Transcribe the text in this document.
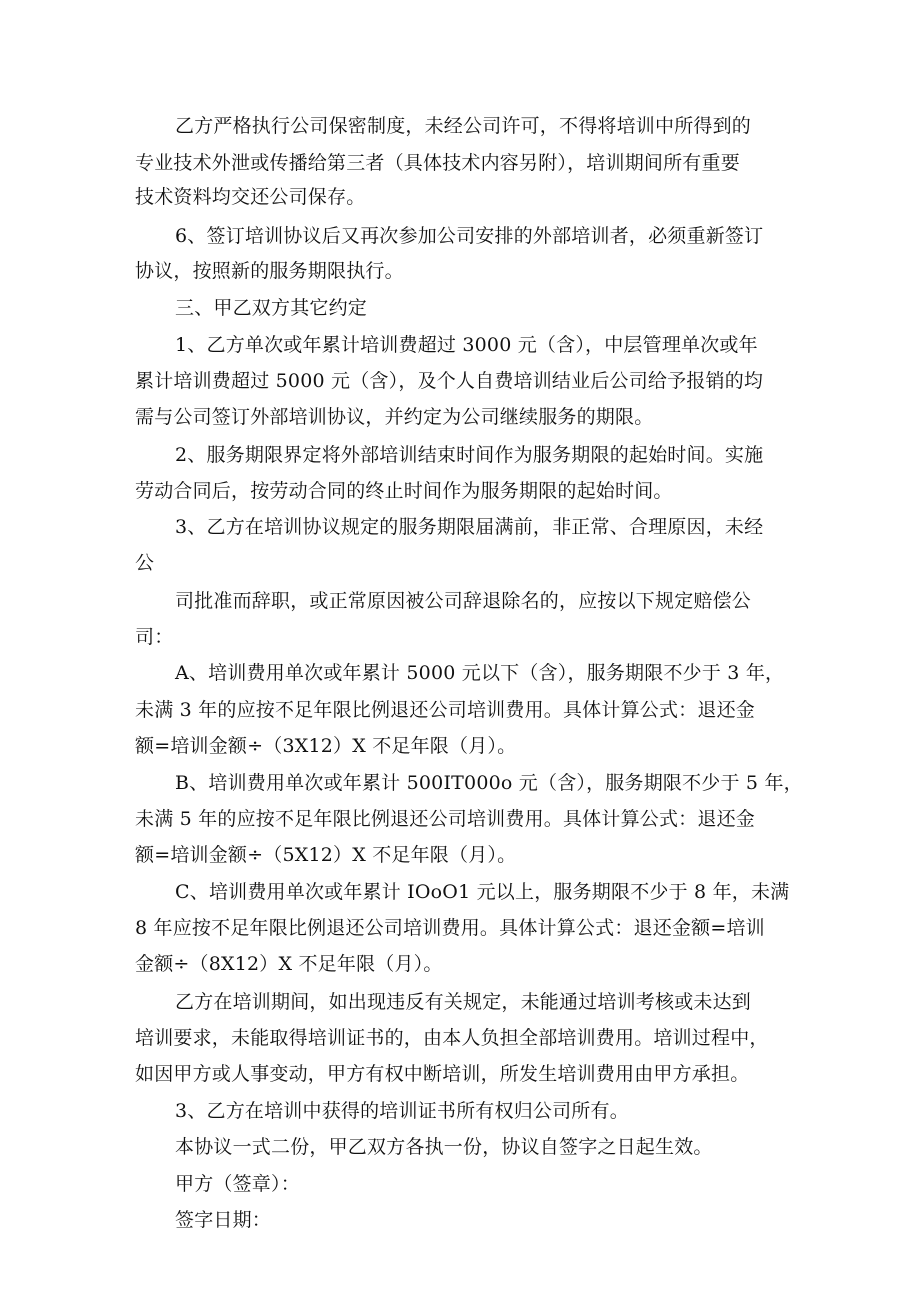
乙方严格执行公司保密制度，未经公司许可，不得将培训中所得到的
专业技术外泄或传播给第三者（具体技术内容另附），培训期间所有重要
技术资料均交还公司保存。
6、签订培训协议后又再次参加公司安排的外部培训者，必须重新签订
协议，按照新的服务期限执行。
三、甲乙双方其它约定
1、乙方单次或年累计培训费超过 3000 元（含），中层管理单次或年
累计培训费超过 5000 元（含），及个人自费培训结业后公司给予报销的均
需与公司签订外部培训协议，并约定为公司继续服务的期限。
2、服务期限界定将外部培训结束时间作为服务期限的起始时间。实施
劳动合同后，按劳动合同的终止时间作为服务期限的起始时间。
3、乙方在培训协议规定的服务期限届满前，非正常、合理原因，未经
公
司批准而辞职，或正常原因被公司辞退除名的，应按以下规定赔偿公
司：
A、培训费用单次或年累计 5000 元以下（含），服务期限不少于 3 年，
未满 3 年的应按不足年限比例退还公司培训费用。具体计算公式：退还金
额=培训金额÷（3X12）X 不足年限（月）。
B、培训费用单次或年累计 500IT000o 元（含），服务期限不少于 5 年，
未满 5 年的应按不足年限比例退还公司培训费用。具体计算公式：退还金
额=培训金额÷（5X12）X 不足年限（月）。
C、培训费用单次或年累计 IOoO1 元以上，服务期限不少于 8 年，未满
8 年应按不足年限比例退还公司培训费用。具体计算公式：退还金额=培训
金额÷（8X12）X 不足年限（月）。
乙方在培训期间，如出现违反有关规定，未能通过培训考核或未达到
培训要求，未能取得培训证书的，由本人负担全部培训费用。培训过程中，
如因甲方或人事变动，甲方有权中断培训，所发生培训费用由甲方承担。
3、乙方在培训中获得的培训证书所有权归公司所有。
本协议一式二份，甲乙双方各执一份，协议自签字之日起生效。
甲方（签章）：
签字日期：
